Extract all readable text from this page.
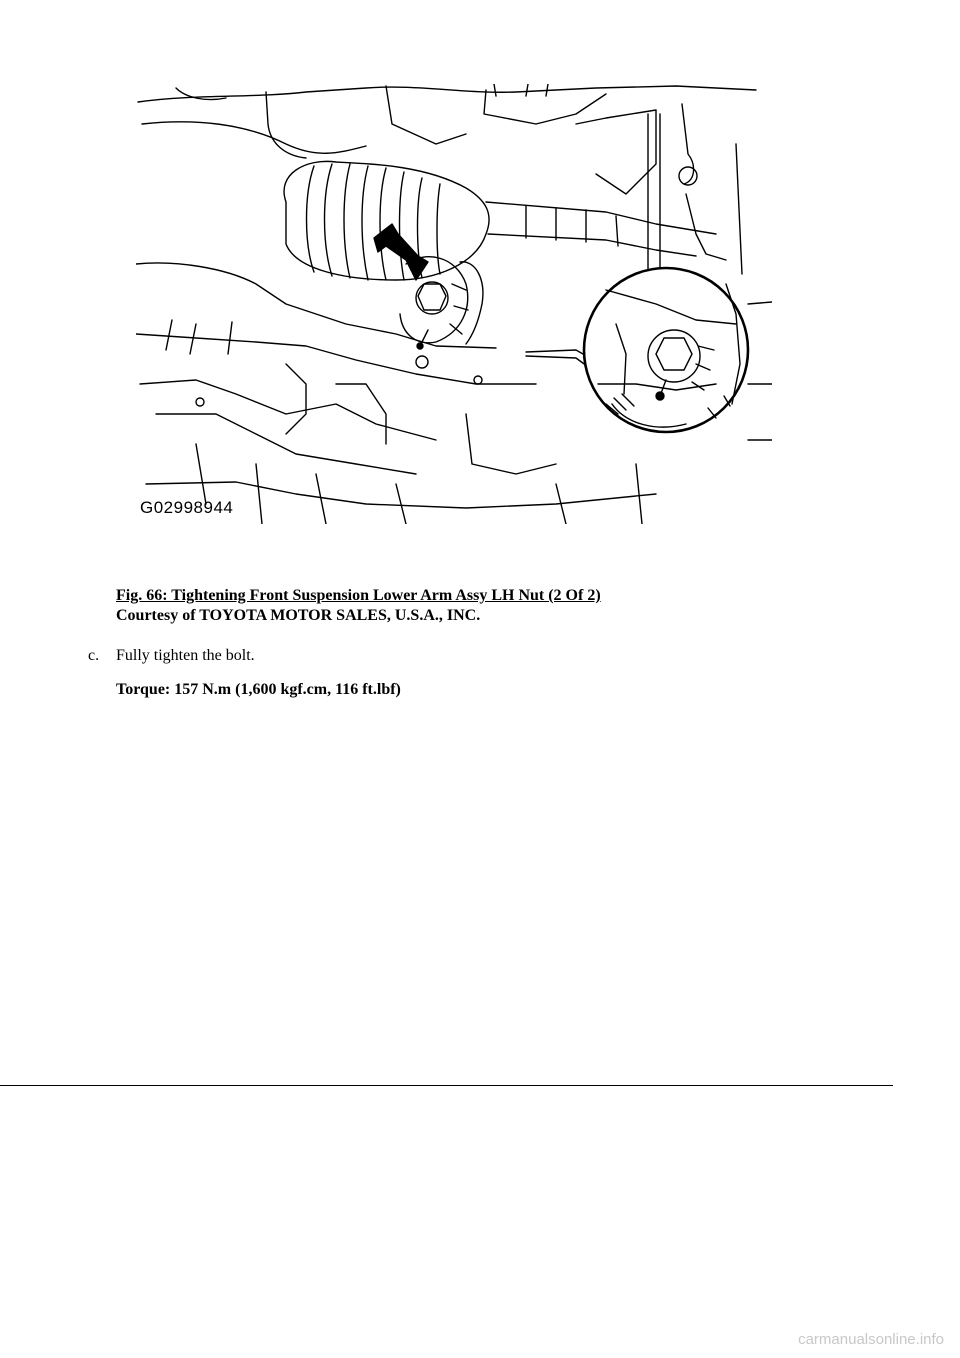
G02998944
Fig. 66: Tightening Front Suspension Lower Arm Assy LH Nut (2 Of 2)
Courtesy of TOYOTA MOTOR SALES, U.S.A., INC.
c. Fully tighten the bolt.
Torque: 157 N.m (1,600 kgf.cm, 116 ft.lbf)
carmanualsonline.info
